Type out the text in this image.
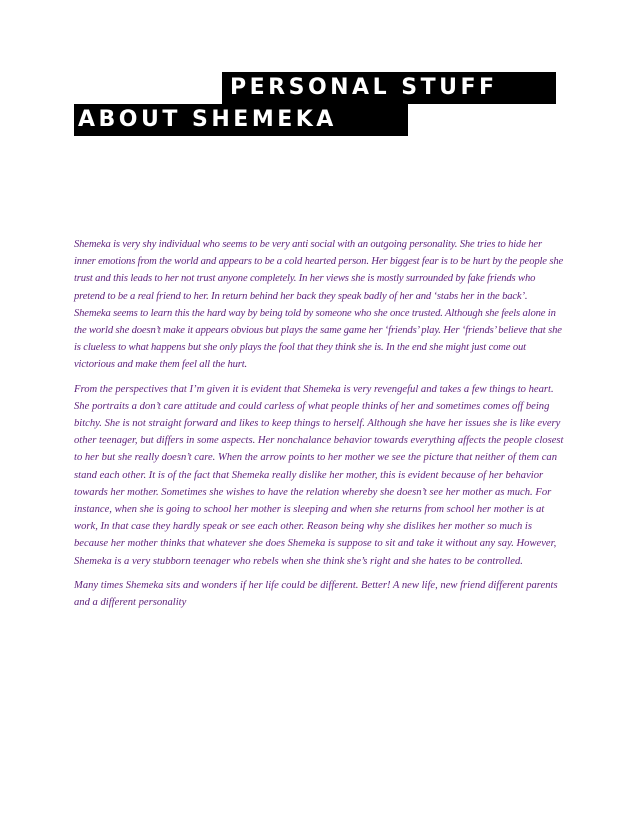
PERSONAL STUFF
ABOUT SHEMEKA

Shemeka is very shy individual who seems to be very anti social with an outgoing personality. She tries to hide her inner emotions from the world and appears to be a cold hearted person. Her biggest fear is to be hurt by the people she trust and this leads to her not trust anyone completely. In her views she is mostly surrounded by fake friends who pretend to be a real friend to her. In return behind her back they speak badly of her and ‘stabs her in the back’. Shemeka seems to learn this the hard way by being told by someone who she once trusted. Although she feels alone in the world she doesn’t make it appears obvious but plays the same game her ‘friends’ play. Her ‘friends’ believe that she is clueless to what happens but she only plays the fool that they think she is. In the end she might just come out victorious and make them feel all the hurt.

From the perspectives that I’m given it is evident that Shemeka is very revengeful and takes a few things to heart. She portraits a don’t care attitude and could carless of what people thinks of her and sometimes comes off being bitchy. She is not straight forward and likes to keep things to herself. Although she have her issues she is like every other teenager, but differs in some aspects. Her nonchalance behavior towards everything affects the people closest to her but she really doesn’t care. When the arrow points to her mother we see the picture that neither of them can stand each other. It is of the fact that Shemeka really dislike her mother, this is evident because of her behavior towards her mother. Sometimes she wishes to have the relation whereby she doesn’t see her mother as much. For instance, when she is going to school her mother is sleeping and when she returns from school her mother is at work, In that case they hardly speak or see each other. Reason being why she dislikes her mother so much is because her mother thinks that whatever she does Shemeka is suppose to sit and take it without any say. However, Shemeka is a very stubborn teenager who rebels when she think she’s right and she hates to be controlled.

Many times Shemeka sits and wonders if her life could be different. Better! A new life, new friend different parents and a different personality
